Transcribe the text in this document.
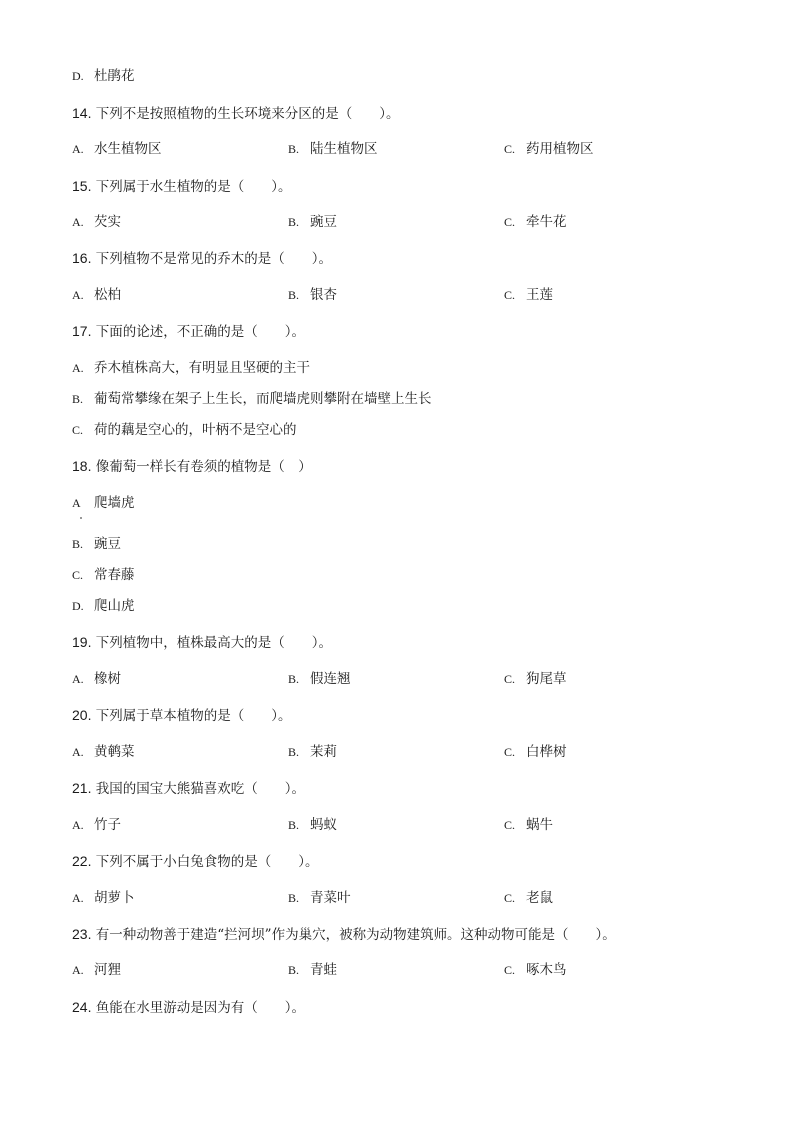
D. 杜鹃花
14. 下列不是按照植物的生长环境来分区的是（　　）。
A. 水生植物区	B. 陆生植物区	C. 药用植物区
15. 下列属于水生植物的是（　　）。
A. 芡实	B. 豌豆	C. 牵牛花
16. 下列植物不是常见的乔木的是（　　）。
A. 松柏	B. 银杏	C. 王莲
17. 下面的论述，不正确的是（　　）。
A. 乔木植株高大，有明显且坚硬的主干
B. 葡萄常攀缘在架子上生长，而爬墙虎则攀附在墙壁上生长
C. 荷的藕是空心的，叶柄不是空心的
18. 像葡萄一样长有卷须的植物是（　）
A 爬墙虎
B. 豌豆
C. 常春藤
D. 爬山虎
19. 下列植物中，植株最高大的是（　　）。
A. 橡树	B. 假连翘	C. 狗尾草
20. 下列属于草本植物的是（　　）。
A. 黄鹌菜	B. 茉莉	C. 白桦树
21. 我国的国宝大熊猫喜欢吃（　　）。
A. 竹子	B. 蚂蚁	C. 蜗牛
22. 下列不属于小白兔食物的是（　　）。
A. 胡萝卜	B. 青菜叶	C. 老鼠
23. 有一种动物善于建造“拦河坝”作为巢穴，被称为动物建筑师。这种动物可能是（　　）。
A. 河狸	B. 青蛙	C. 啄木鸟
24. 鱼能在水里游动是因为有（　　）。
